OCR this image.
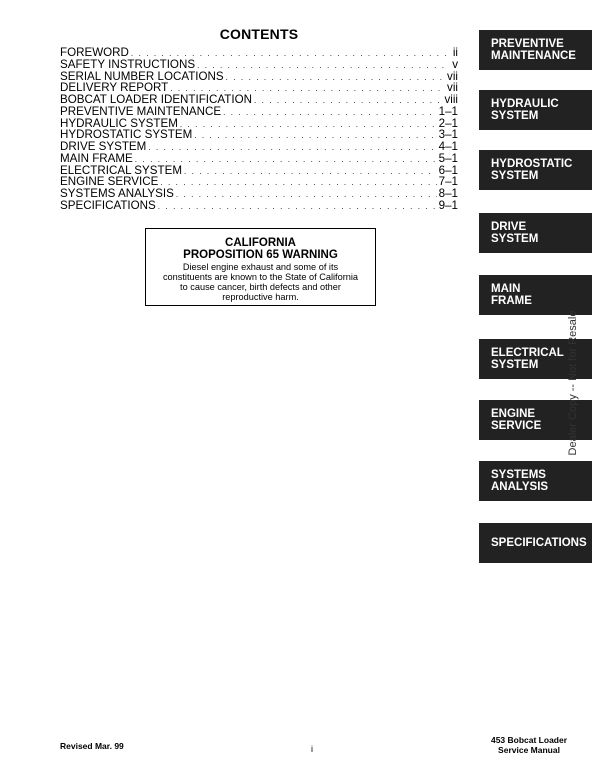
CONTENTS
FOREWORD . . .	ii
SAFETY INSTRUCTIONS . . .	v
SERIAL NUMBER LOCATIONS . . .	vii
DELIVERY REPORT . . .	vii
BOBCAT LOADER IDENTIFICATION . . .	viii
PREVENTIVE MAINTENANCE . . .	1–1
HYDRAULIC SYSTEM . . .	2–1
HYDROSTATIC SYSTEM . . .	3–1
DRIVE SYSTEM . . .	4–1
MAIN FRAME . . .	5–1
ELECTRICAL SYSTEM . . .	6–1
ENGINE SERVICE . . .	7–1
SYSTEMS ANALYSIS . . .	8–1
SPECIFICATIONS . . .	9–1
CALIFORNIA
PROPOSITION 65 WARNING
Diesel engine exhaust and some of its
constituents are known to the State of California
to cause cancer, birth defects and other
reproductive harm.
PREVENTIVE
MAINTENANCE
HYDRAULIC
SYSTEM
HYDROSTATIC
SYSTEM
DRIVE
SYSTEM
MAIN
FRAME
ELECTRICAL
SYSTEM
ENGINE
SERVICE
SYSTEMS
ANALYSIS
SPECIFICATIONS
Dealer Copy -- Not for Resale
Revised Mar. 99	i
453 Bobcat Loader
Service Manual
